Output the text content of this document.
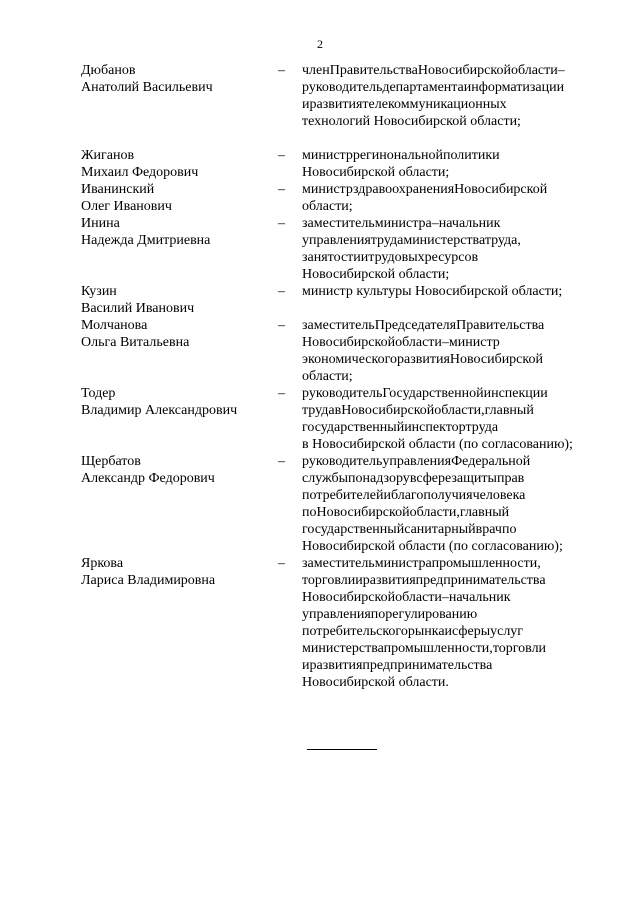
2
Дюбанов
Анатолий Васильевич
–	членПравительстваНовосибирскойобласти–
руководительдепартаментаинформатизации
иразвитиятелекоммуникационных
технологий Новосибирской области;
Жиганов
Михаил Федорович
–	министррегинональнойполитики
Новосибирской области;
Иванинский
Олег Иванович
–	министрздравоохраненияНовосибирской
области;
Инина
Надежда Дмитриевна
–	заместительминистра–начальник
управлениятрудаминистерстватруда,
занятостиитрудовыхресурсов
Новосибирской области;
Кузин
Василий Иванович
–	министр культуры Новосибирской области;
Молчанова
Ольга Витальевна
–	заместительПредседателяПравительства
Новосибирскойобласти–министр
экономическогоразвитияНовосибирской
области;
Тодер
Владимир Александрович
–	руководительГосударственнойинспекции
трудавНовосибирскойобласти,главный
государственныйинспектортруда
в Новосибирской области (по согласованию);
Щербатов
Александр Федорович
–	руководительуправленияФедеральной
службыпонадзорувсферезащитыправ
потребителейиблагополучиячеловека
поНовосибирскойобласти,главный
государственныйсанитарныйврачпо
Новосибирской области (по согласованию);
Яркова
Лариса Владимировна
–	заместительминистрапромышленности,
торговлииразвитияпредпринимательства
Новосибирскойобласти–начальник
управленияпорегулированию
потребительскогорынкаисферыуслуг
министерствапромышленности,торговли
иразвитияпредпринимательства
Новосибирской области.
